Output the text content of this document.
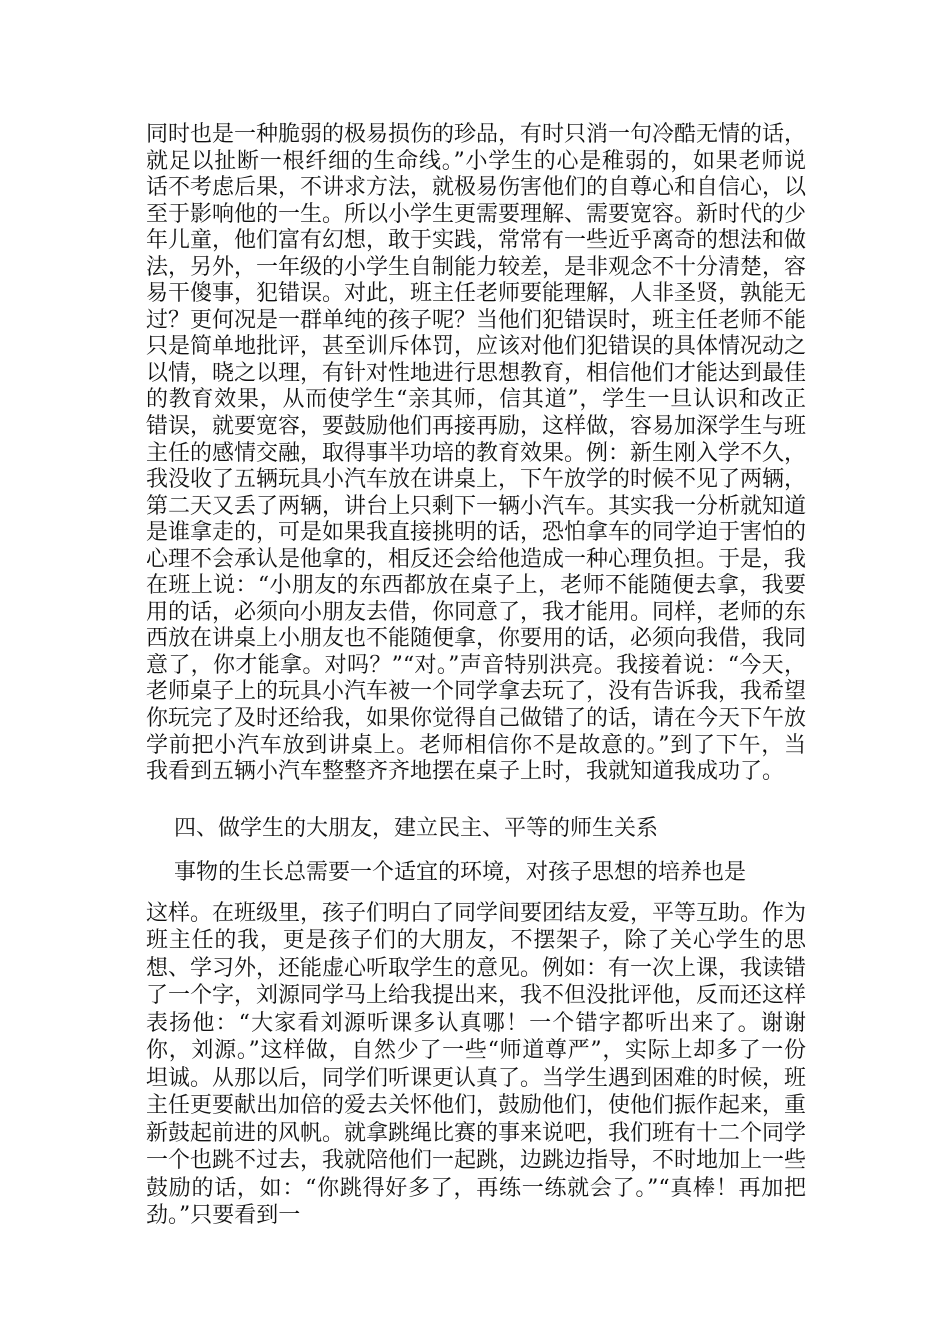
同时也是一种脆弱的极易损伤的珍品，有时只消一句冷酷无情的话，就足以扯断一根纤细的生命线。”小学生的心是稚弱的，如果老师说话不考虑后果，不讲求方法，就极易伤害他们的自尊心和自信心，以至于影响他的一生。所以小学生更需要理解、需要宽容。新时代的少年儿童，他们富有幻想，敢于实践，常常有一些近乎离奇的想法和做法，另外，一年级的小学生自制能力较差，是非观念不十分清楚，容易干傻事，犯错误。对此，班主任老师要能理解，人非圣贤，孰能无过？更何况是一群单纯的孩子呢？当他们犯错误时，班主任老师不能只是简单地批评，甚至训斥体罚，应该对他们犯错误的具体情况动之以情，晓之以理，有针对性地进行思想教育，相信他们才能达到最佳的教育效果，从而使学生“亲其师，信其道”，学生一旦认识和改正错误，就要宽容，要鼓励他们再接再励，这样做，容易加深学生与班主任的感情交融，取得事半功培的教育效果。例：新生刚入学不久，我没收了五辆玩具小汽车放在讲桌上，下午放学的时候不见了两辆，第二天又丢了两辆，讲台上只剩下一辆小汽车。其实我一分析就知道是谁拿走的，可是如果我直接挑明的话，恐怕拿车的同学迫于害怕的心理不会承认是他拿的，相反还会给他造成一种心理负担。于是，我在班上说：“小朋友的东西都放在桌子上，老师不能随便去拿，我要用的话，必须向小朋友去借，你同意了，我才能用。同样，老师的东西放在讲桌上小朋友也不能随便拿，你要用的话，必须向我借，我同意了，你才能拿。对吗？”“对。”声音特别洪亮。我接着说：“今天，老师桌子上的玩具小汽车被一个同学拿去玩了，没有告诉我，我希望你玩完了及时还给我，如果你觉得自己做错了的话，请在今天下午放学前把小汽车放到讲桌上。老师相信你不是故意的。”到了下午，当我看到五辆小汽车整整齐齐地摆在桌子上时，我就知道我成功了。

四、做学生的大朋友，建立民主、平等的师生关系

事物的生长总需要一个适宜的环境，对孩子思想的培养也是

这样。在班级里，孩子们明白了同学间要团结友爱，平等互助。作为班主任的我，更是孩子们的大朋友，不摆架子，除了关心学生的思想、学习外，还能虚心听取学生的意见。例如：有一次上课，我读错了一个字，刘源同学马上给我提出来，我不但没批评他，反而还这样表扬他：“大家看刘源听课多认真哪！一个错字都听出来了。谢谢你，刘源。”这样做，自然少了一些“师道尊严”，实际上却多了一份坦诚。从那以后，同学们听课更认真了。当学生遇到困难的时候，班主任更要献出加倍的爱去关怀他们，鼓励他们，使他们振作起来，重新鼓起前进的风帆。就拿跳绳比赛的事来说吧，我们班有十二个同学一个也跳不过去，我就陪他们一起跳，边跳边指导，不时地加上一些鼓励的话，如：“你跳得好多了，再练一练就会了。”“真棒！再加把劲。”只要看到一
